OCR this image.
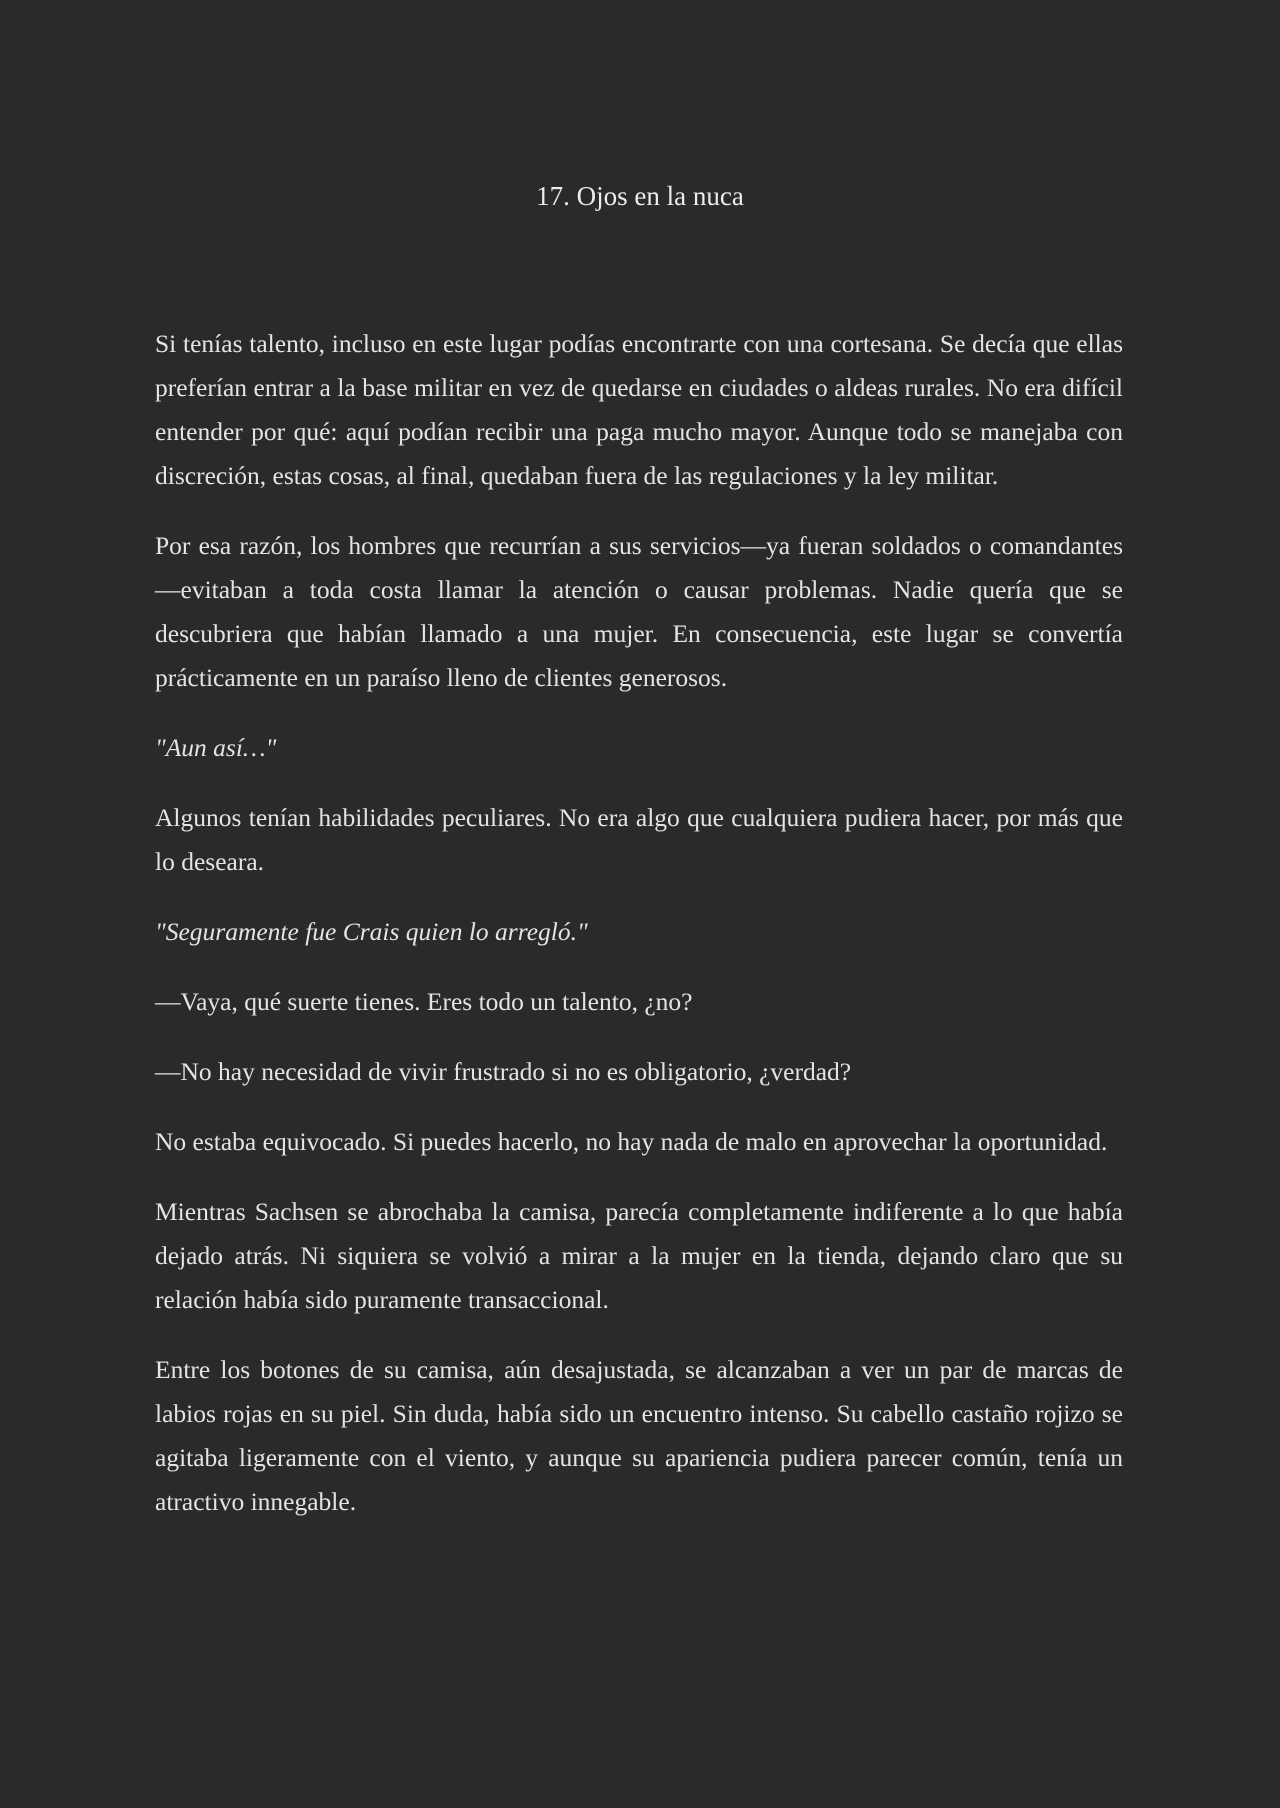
17. Ojos en la nuca

Si tenías talento, incluso en este lugar podías encontrarte con una cortesana. Se decía que ellas preferían entrar a la base militar en vez de quedarse en ciudades o aldeas rurales. No era difícil entender por qué: aquí podían recibir una paga mucho mayor. Aunque todo se manejaba con discreción, estas cosas, al final, quedaban fuera de las regulaciones y la ley militar.

Por esa razón, los hombres que recurrían a sus servicios—ya fueran soldados o comandantes—evitaban a toda costa llamar la atención o causar problemas. Nadie quería que se descubriera que habían llamado a una mujer. En consecuencia, este lugar se convertía prácticamente en un paraíso lleno de clientes generosos.

"Aun así…"

Algunos tenían habilidades peculiares. No era algo que cualquiera pudiera hacer, por más que lo deseara.

"Seguramente fue Crais quien lo arregló."

—Vaya, qué suerte tienes. Eres todo un talento, ¿no?

—No hay necesidad de vivir frustrado si no es obligatorio, ¿verdad?

No estaba equivocado. Si puedes hacerlo, no hay nada de malo en aprovechar la oportunidad.

Mientras Sachsen se abrochaba la camisa, parecía completamente indiferente a lo que había dejado atrás. Ni siquiera se volvió a mirar a la mujer en la tienda, dejando claro que su relación había sido puramente transaccional.

Entre los botones de su camisa, aún desajustada, se alcanzaban a ver un par de marcas de labios rojas en su piel. Sin duda, había sido un encuentro intenso. Su cabello castaño rojizo se agitaba ligeramente con el viento, y aunque su apariencia pudiera parecer común, tenía un atractivo innegable.
